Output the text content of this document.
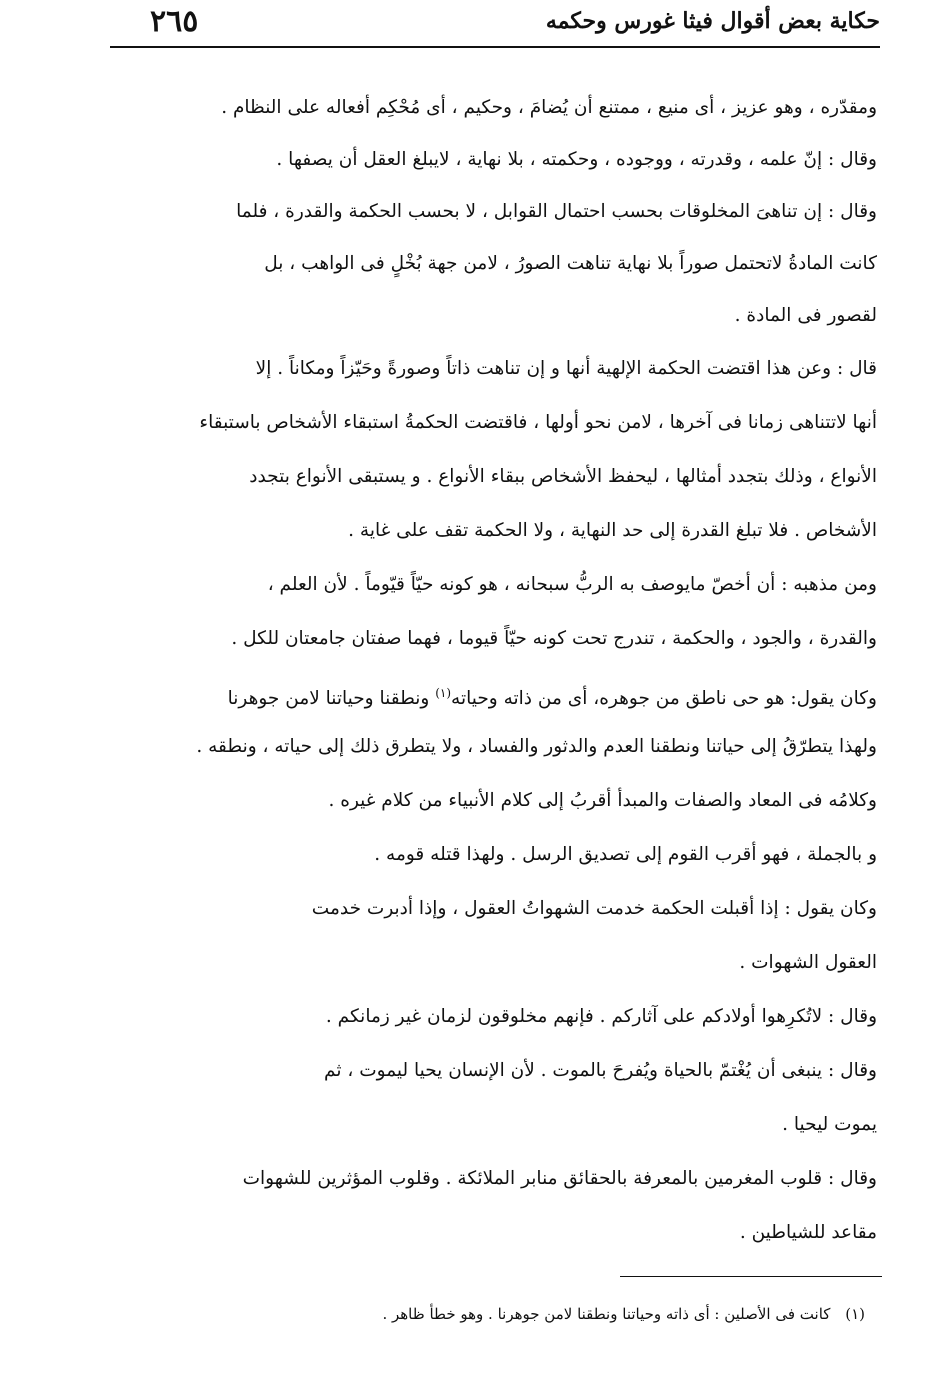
حكاية بعض أقوال فيثا غورس وحكمه
٢٦٥
ومقدّره ، وهو عزيز ، أى منيع ، ممتنع أن يُضامَ ، وحكيم ، أى مُحْكِم أفعاله على النظام .
وقال : إنّ علمه ، وقدرته ، ووجوده ، وحكمته ، بلا نهاية ، لايبلغ العقل أن يصفها .
وقال : إن تناهىَ المخلوقات بحسب احتمال القوابل ، لا بحسب الحكمة والقدرة ، فلما
كانت المادةُ لاتحتمل صوراً بلا نهاية تناهت الصورُ ، لامن جهة بُخْلٍ فى الواهب ، بل
لقصور فى المادة .
قال : وعن هذا اقتضت الحكمة الإلهية أنها و إن تناهت ذاتاً وصورةً وحَيّزاً ومكاناً . إلا
أنها لاتتناهى زمانا فى آخرها ، لامن نحو أولها ، فاقتضت الحكمةُ استبقاء الأشخاص باستبقاء
الأنواع ، وذلك بتجدد أمثالها ، ليحفظ الأشخاص ببقاء الأنواع . و يستبقى الأنواع بتجدد
الأشخاص . فلا تبلغ القدرة إلى حد النهاية ، ولا الحكمة تقف على غاية .
ومن مذهبه : أن أخصّ مايوصف به الربُّ سبحانه ، هو كونه حيّاً قيّوماً . لأن العلم ،
والقدرة ، والجود ، والحكمة ، تندرج تحت كونه حيّاً قيوما ، فهما صفتان جامعتان للكل .
وكان يقول: هو حى ناطق من جوهره، أى من ذاته وحياته$^{(١)}$ ونطقنا وحياتنا لامن جوهرنا
ولهذا يتطرّقُ إلى حياتنا ونطقنا العدم والدثور والفساد ، ولا يتطرق ذلك إلى حياته ، ونطقه .
وكلامُه فى المعاد والصفات والمبدأ أقربُ إلى كلام الأنبياء من كلام غيره .
و بالجملة ، فهو أقرب القوم إلى تصديق الرسل . ولهذا قتله قومه .
وكان يقول : إذا أقبلت الحكمة خدمت الشهواتُ العقول ، وإذا أدبرت خدمت
العقول الشهوات .
وقال : لاتُكرِهوا أولادكم على آثاركم . فإنهم مخلوقون لزمان غير زمانكم .
وقال : ينبغى أن يُغْتمّ بالحياة ويُفرحَ بالموت . لأن الإنسان يحيا ليموت ، ثم
يموت ليحيا .
وقال : قلوب المغرمين بالمعرفة بالحقائق منابر الملائكة . وقلوب المؤثرين للشهوات
مقاعد للشياطين .
(١) كانت فى الأصلين : أى ذاته وحياتنا ونطقنا لامن جوهرنا . وهو خطأ ظاهر .
